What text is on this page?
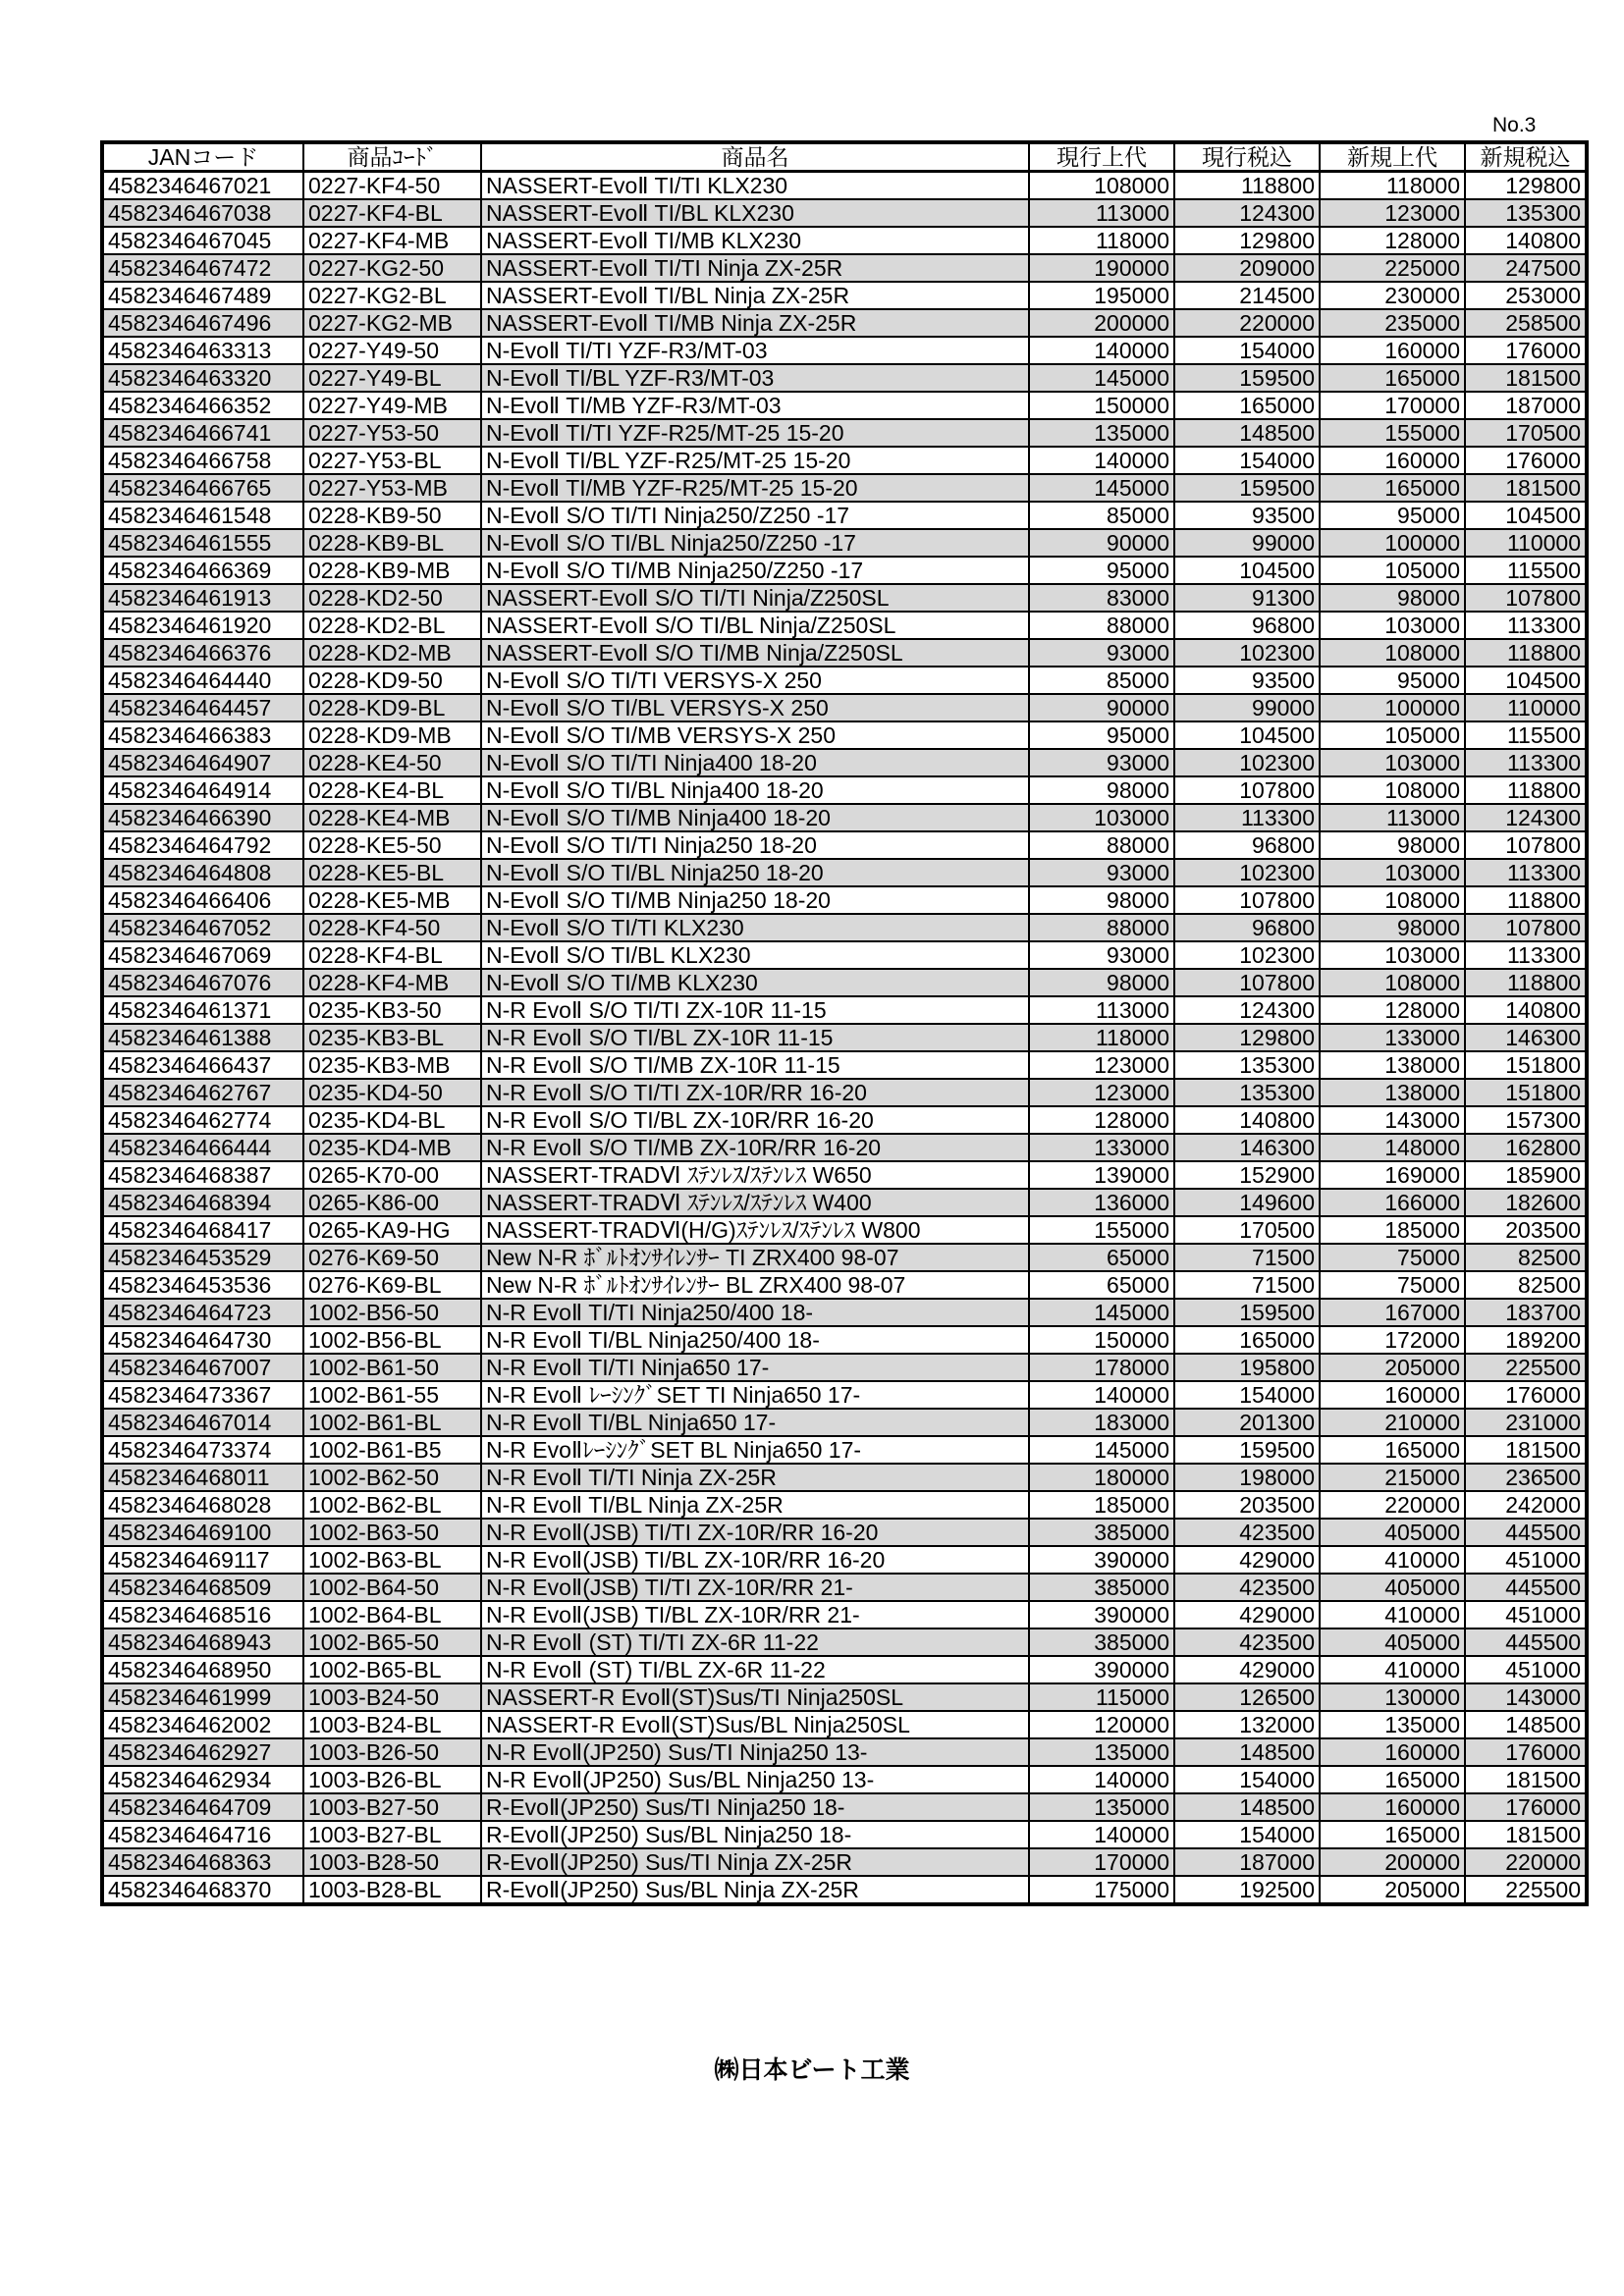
No.3
JANコード	商品ｺｰﾄﾞ	商品名	現行上代	現行税込	新規上代	新規税込
4582346467021	0227-KF4-50	NASSERT-EvoⅡ TI/TI KLX230	108000	118800	118000	129800
4582346467038	0227-KF4-BL	NASSERT-EvoⅡ TI/BL KLX230	113000	124300	123000	135300
4582346467045	0227-KF4-MB	NASSERT-EvoⅡ TI/MB KLX230	118000	129800	128000	140800
4582346467472	0227-KG2-50	NASSERT-EvoⅡ TI/TI Ninja ZX-25R	190000	209000	225000	247500
4582346467489	0227-KG2-BL	NASSERT-EvoⅡ TI/BL Ninja ZX-25R	195000	214500	230000	253000
4582346467496	0227-KG2-MB	NASSERT-EvoⅡ TI/MB Ninja ZX-25R	200000	220000	235000	258500
4582346463313	0227-Y49-50	N-EvoⅡ TI/TI YZF-R3/MT-03	140000	154000	160000	176000
4582346463320	0227-Y49-BL	N-EvoⅡ TI/BL YZF-R3/MT-03	145000	159500	165000	181500
4582346466352	0227-Y49-MB	N-EvoⅡ TI/MB YZF-R3/MT-03	150000	165000	170000	187000
4582346466741	0227-Y53-50	N-EvoⅡ TI/TI YZF-R25/MT-25 15-20	135000	148500	155000	170500
4582346466758	0227-Y53-BL	N-EvoⅡ TI/BL YZF-R25/MT-25 15-20	140000	154000	160000	176000
4582346466765	0227-Y53-MB	N-EvoⅡ TI/MB YZF-R25/MT-25 15-20	145000	159500	165000	181500
4582346461548	0228-KB9-50	N-EvoⅡ S/O TI/TI Ninja250/Z250 -17	85000	93500	95000	104500
4582346461555	0228-KB9-BL	N-EvoⅡ S/O TI/BL Ninja250/Z250 -17	90000	99000	100000	110000
4582346466369	0228-KB9-MB	N-EvoⅡ S/O TI/MB Ninja250/Z250 -17	95000	104500	105000	115500
4582346461913	0228-KD2-50	NASSERT-EvoⅡ S/O TI/TI Ninja/Z250SL	83000	91300	98000	107800
4582346461920	0228-KD2-BL	NASSERT-EvoⅡ S/O TI/BL Ninja/Z250SL	88000	96800	103000	113300
4582346466376	0228-KD2-MB	NASSERT-EvoⅡ S/O TI/MB Ninja/Z250SL	93000	102300	108000	118800
4582346464440	0228-KD9-50	N-EvoⅡ S/O TI/TI VERSYS-X 250	85000	93500	95000	104500
4582346464457	0228-KD9-BL	N-EvoⅡ S/O TI/BL VERSYS-X 250	90000	99000	100000	110000
4582346466383	0228-KD9-MB	N-EvoⅡ S/O TI/MB VERSYS-X 250	95000	104500	105000	115500
4582346464907	0228-KE4-50	N-EvoⅡ S/O TI/TI Ninja400 18-20	93000	102300	103000	113300
4582346464914	0228-KE4-BL	N-EvoⅡ S/O TI/BL Ninja400 18-20	98000	107800	108000	118800
4582346466390	0228-KE4-MB	N-EvoⅡ S/O TI/MB Ninja400 18-20	103000	113300	113000	124300
4582346464792	0228-KE5-50	N-EvoⅡ S/O TI/TI Ninja250 18-20	88000	96800	98000	107800
4582346464808	0228-KE5-BL	N-EvoⅡ S/O TI/BL Ninja250 18-20	93000	102300	103000	113300
4582346466406	0228-KE5-MB	N-EvoⅡ S/O TI/MB Ninja250 18-20	98000	107800	108000	118800
4582346467052	0228-KF4-50	N-EvoⅡ S/O TI/TI KLX230	88000	96800	98000	107800
4582346467069	0228-KF4-BL	N-EvoⅡ S/O TI/BL KLX230	93000	102300	103000	113300
4582346467076	0228-KF4-MB	N-EvoⅡ S/O TI/MB KLX230	98000	107800	108000	118800
4582346461371	0235-KB3-50	N-R EvoⅡ S/O TI/TI ZX-10R 11-15	113000	124300	128000	140800
4582346461388	0235-KB3-BL	N-R EvoⅡ S/O TI/BL ZX-10R 11-15	118000	129800	133000	146300
4582346466437	0235-KB3-MB	N-R EvoⅡ S/O TI/MB ZX-10R 11-15	123000	135300	138000	151800
4582346462767	0235-KD4-50	N-R EvoⅡ S/O TI/TI ZX-10R/RR 16-20	123000	135300	138000	151800
4582346462774	0235-KD4-BL	N-R EvoⅡ S/O TI/BL ZX-10R/RR 16-20	128000	140800	143000	157300
4582346466444	0235-KD4-MB	N-R EvoⅡ S/O TI/MB ZX-10R/RR 16-20	133000	146300	148000	162800
4582346468387	0265-K70-00	NASSERT-TRADⅥ ｽﾃﾝﾚｽ/ｽﾃﾝﾚｽ W650	139000	152900	169000	185900
4582346468394	0265-K86-00	NASSERT-TRADⅥ ｽﾃﾝﾚｽ/ｽﾃﾝﾚｽ W400	136000	149600	166000	182600
4582346468417	0265-KA9-HG	NASSERT-TRADⅥ(H/G)ｽﾃﾝﾚｽ/ｽﾃﾝﾚｽ W800	155000	170500	185000	203500
4582346453529	0276-K69-50	New N-R ﾎﾞﾙﾄｵﾝｻｲﾚﾝｻｰ TI ZRX400 98-07	65000	71500	75000	82500
4582346453536	0276-K69-BL	New N-R ﾎﾞﾙﾄｵﾝｻｲﾚﾝｻｰ BL ZRX400 98-07	65000	71500	75000	82500
4582346464723	1002-B56-50	N-R EvoⅡ TI/TI Ninja250/400 18-	145000	159500	167000	183700
4582346464730	1002-B56-BL	N-R EvoⅡ TI/BL Ninja250/400 18-	150000	165000	172000	189200
4582346467007	1002-B61-50	N-R EvoⅡ TI/TI Ninja650 17-	178000	195800	205000	225500
4582346473367	1002-B61-55	N-R EvoⅡ ﾚｰｼﾝｸﾞSET TI Ninja650 17-	140000	154000	160000	176000
4582346467014	1002-B61-BL	N-R EvoⅡ TI/BL Ninja650 17-	183000	201300	210000	231000
4582346473374	1002-B61-B5	N-R EvoⅡﾚｰｼﾝｸﾞSET BL Ninja650 17-	145000	159500	165000	181500
4582346468011	1002-B62-50	N-R EvoⅡ TI/TI Ninja ZX-25R	180000	198000	215000	236500
4582346468028	1002-B62-BL	N-R EvoⅡ TI/BL Ninja ZX-25R	185000	203500	220000	242000
4582346469100	1002-B63-50	N-R EvoⅡ(JSB) TI/TI ZX-10R/RR 16-20	385000	423500	405000	445500
4582346469117	1002-B63-BL	N-R EvoⅡ(JSB) TI/BL ZX-10R/RR 16-20	390000	429000	410000	451000
4582346468509	1002-B64-50	N-R EvoⅡ(JSB) TI/TI ZX-10R/RR 21-	385000	423500	405000	445500
4582346468516	1002-B64-BL	N-R EvoⅡ(JSB) TI/BL ZX-10R/RR 21-	390000	429000	410000	451000
4582346468943	1002-B65-50	N-R EvoⅡ (ST) TI/TI ZX-6R 11-22	385000	423500	405000	445500
4582346468950	1002-B65-BL	N-R EvoⅡ (ST) TI/BL ZX-6R 11-22	390000	429000	410000	451000
4582346461999	1003-B24-50	NASSERT-R EvoⅡ(ST)Sus/TI Ninja250SL	115000	126500	130000	143000
4582346462002	1003-B24-BL	NASSERT-R EvoⅡ(ST)Sus/BL Ninja250SL	120000	132000	135000	148500
4582346462927	1003-B26-50	N-R EvoⅡ(JP250) Sus/TI Ninja250 13-	135000	148500	160000	176000
4582346462934	1003-B26-BL	N-R EvoⅡ(JP250) Sus/BL Ninja250 13-	140000	154000	165000	181500
4582346464709	1003-B27-50	R-EvoⅡ(JP250) Sus/TI Ninja250 18-	135000	148500	160000	176000
4582346464716	1003-B27-BL	R-EvoⅡ(JP250) Sus/BL Ninja250 18-	140000	154000	165000	181500
4582346468363	1003-B28-50	R-EvoⅡ(JP250) Sus/TI Ninja ZX-25R	170000	187000	200000	220000
4582346468370	1003-B28-BL	R-EvoⅡ(JP250) Sus/BL Ninja ZX-25R	175000	192500	205000	225500
㈱日本ビート工業
